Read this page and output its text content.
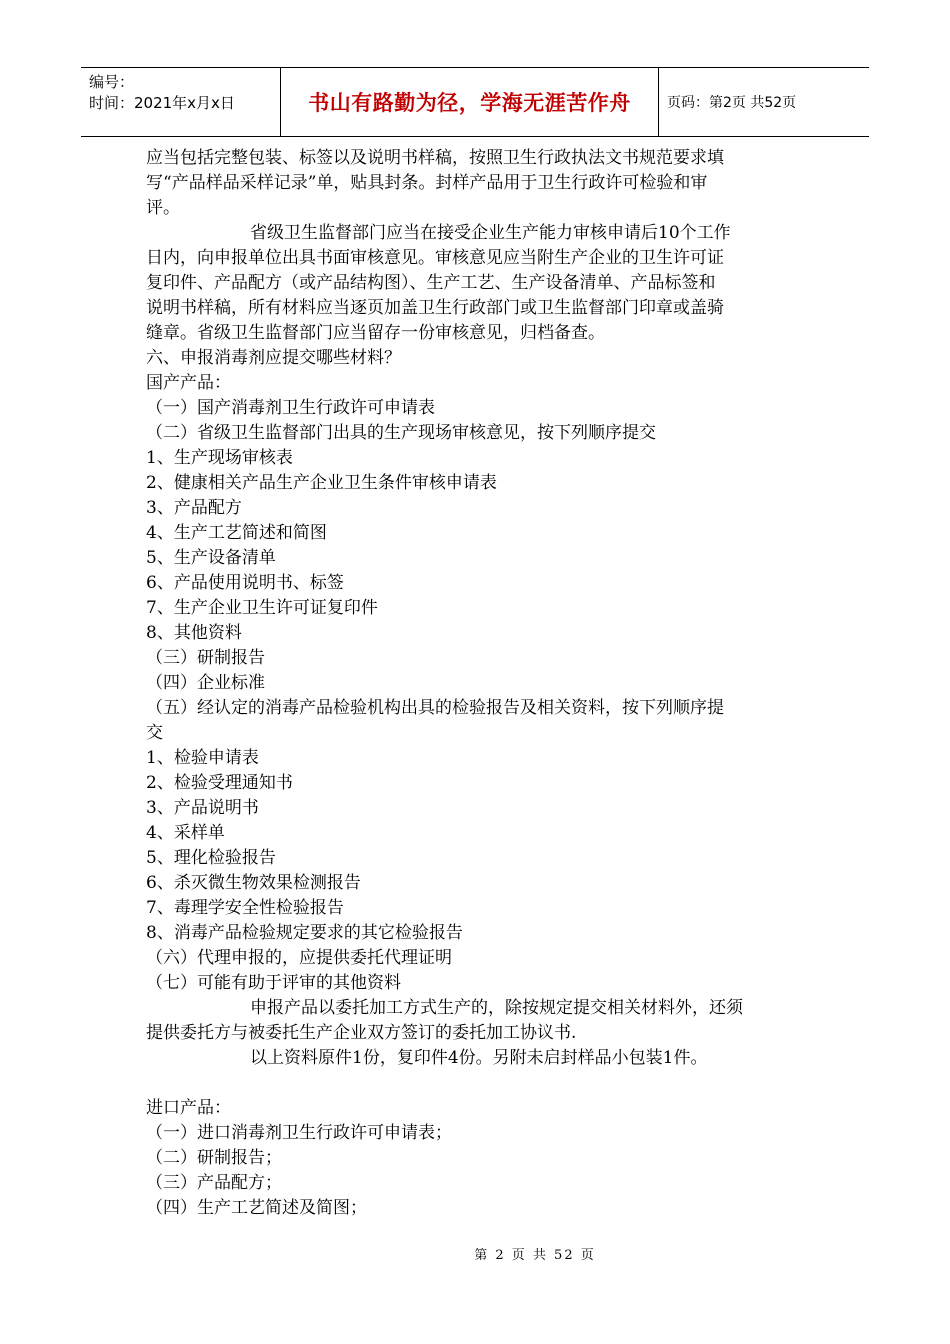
编号：
时间：2021年x月x日	书山有路勤为径，学海无涯苦作舟	页码：第2页 共52页
应当包括完整包装、标签以及说明书样稿，按照卫生行政执法文书规范要求填
写“产品样品采样记录”单，贴具封条。封样产品用于卫生行政许可检验和审
评。
省级卫生监督部门应当在接受企业生产能力审核申请后10个工作
日内，向申报单位出具书面审核意见。审核意见应当附生产企业的卫生许可证
复印件、产品配方（或产品结构图）、生产工艺、生产设备清单、产品标签和
说明书样稿，所有材料应当逐页加盖卫生行政部门或卫生监督部门印章或盖骑
缝章。省级卫生监督部门应当留存一份审核意见，归档备查。
六、申报消毒剂应提交哪些材料？
国产产品：
（一）国产消毒剂卫生行政许可申请表
（二）省级卫生监督部门出具的生产现场审核意见，按下列顺序提交
1、生产现场审核表
2、健康相关产品生产企业卫生条件审核申请表
3、产品配方
4、生产工艺简述和简图
5、生产设备清单
6、产品使用说明书、标签
7、生产企业卫生许可证复印件
8、其他资料
（三）研制报告
（四）企业标准
（五）经认定的消毒产品检验机构出具的检验报告及相关资料，按下列顺序提
交
1、检验申请表
2、检验受理通知书
3、产品说明书
4、采样单
5、理化检验报告
6、杀灭微生物效果检测报告
7、毒理学安全性检验报告
8、消毒产品检验规定要求的其它检验报告
（六）代理申报的，应提供委托代理证明
（七）可能有助于评审的其他资料
申报产品以委托加工方式生产的，除按规定提交相关材料外，还须
提供委托方与被委托生产企业双方签订的委托加工协议书.
以上资料原件1份，复印件4份。另附未启封样品小包装1件。
进口产品：
（一）进口消毒剂卫生行政许可申请表；
（二）研制报告；
（三）产品配方；
（四）生产工艺简述及简图；
第 2 页 共 52 页
